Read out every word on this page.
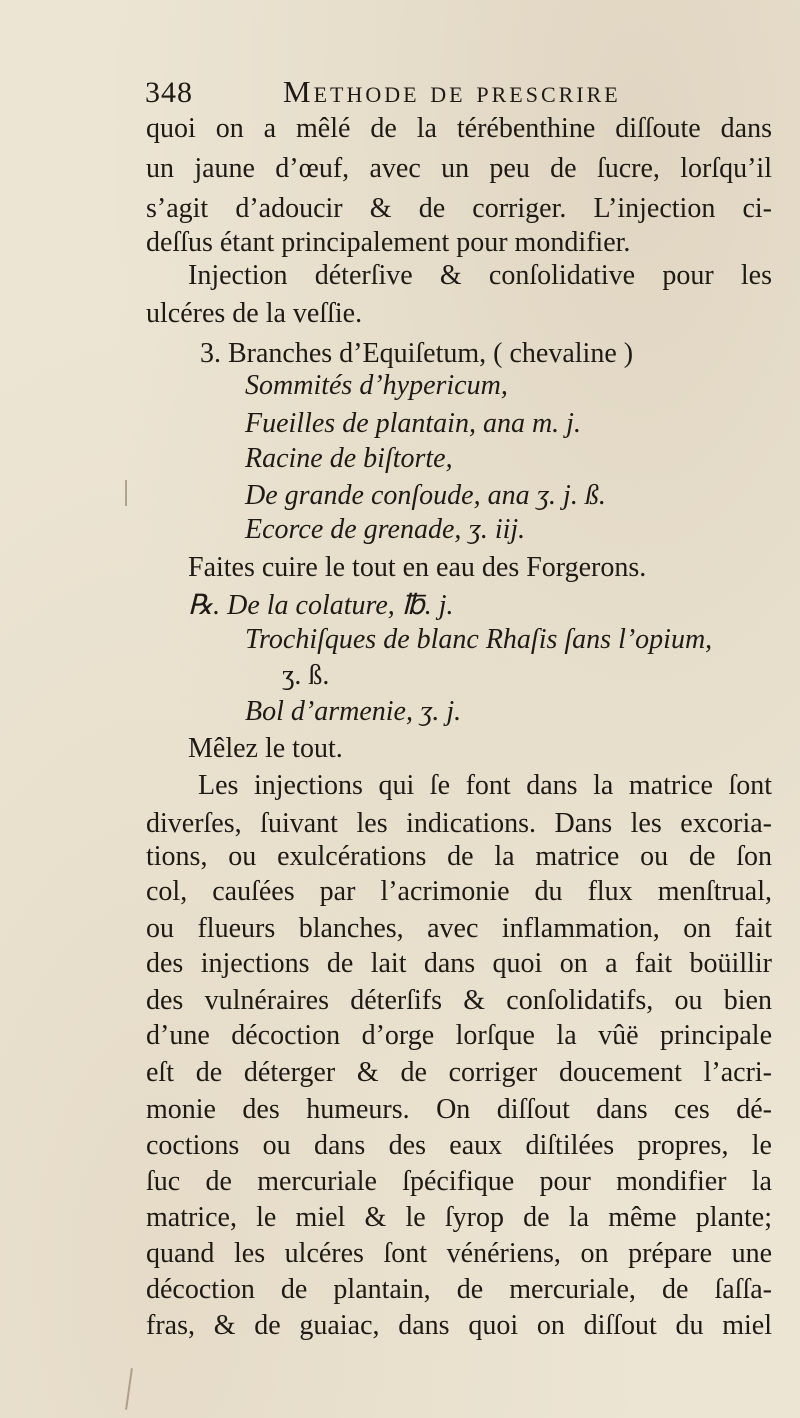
348	Methode de prescrire
quoi on a mêlé de la térébenthine diſſoute dans
un jaune d’œuf, avec un peu de ſucre, lorſqu’il
s’agit d’adoucir & de corriger. L’injection ci-
deſſus étant principalement pour mondifier.
Injection déterſive & conſolidative pour les
ulcéres de la veſſie.
3. Branches d’Equiſetum, ( chevaline )
Sommités d’hypericum,
Fueilles de plantain, ana m. j.
Racine de biſtorte,
De grande conſoude, ana ʒ. j. ß.
Ecorce de grenade, ʒ. iij.
Faites cuire le tout en eau des Forgerons.
℞. De la colature, ℔. j.
Trochiſques de blanc Rhaſis ſans l’opium,
ʒ. ß.
Bol d’armenie, ʒ. j.
Mêlez le tout.
Les injections qui ſe font dans la matrice ſont
diverſes, ſuivant les indications. Dans les excoria-
tions, ou exulcérations de la matrice ou de ſon
col, cauſées par l’acrimonie du flux menſtrual,
ou flueurs blanches, avec inflammation, on fait
des injections de lait dans quoi on a fait boüillir
des vulnéraires déterſifs & conſolidatifs, ou bien
d’une décoction d’orge lorſque la vûë principale
eſt de déterger & de corriger doucement l’acri-
monie des humeurs. On diſſout dans ces dé-
coctions ou dans des eaux diſtilées propres, le
ſuc de mercuriale ſpécifique pour mondifier la
matrice, le miel & le ſyrop de la même plante;
quand les ulcéres ſont vénériens, on prépare une
décoction de plantain, de mercuriale, de ſaſſa-
fras, & de guaiac, dans quoi on diſſout du miel
